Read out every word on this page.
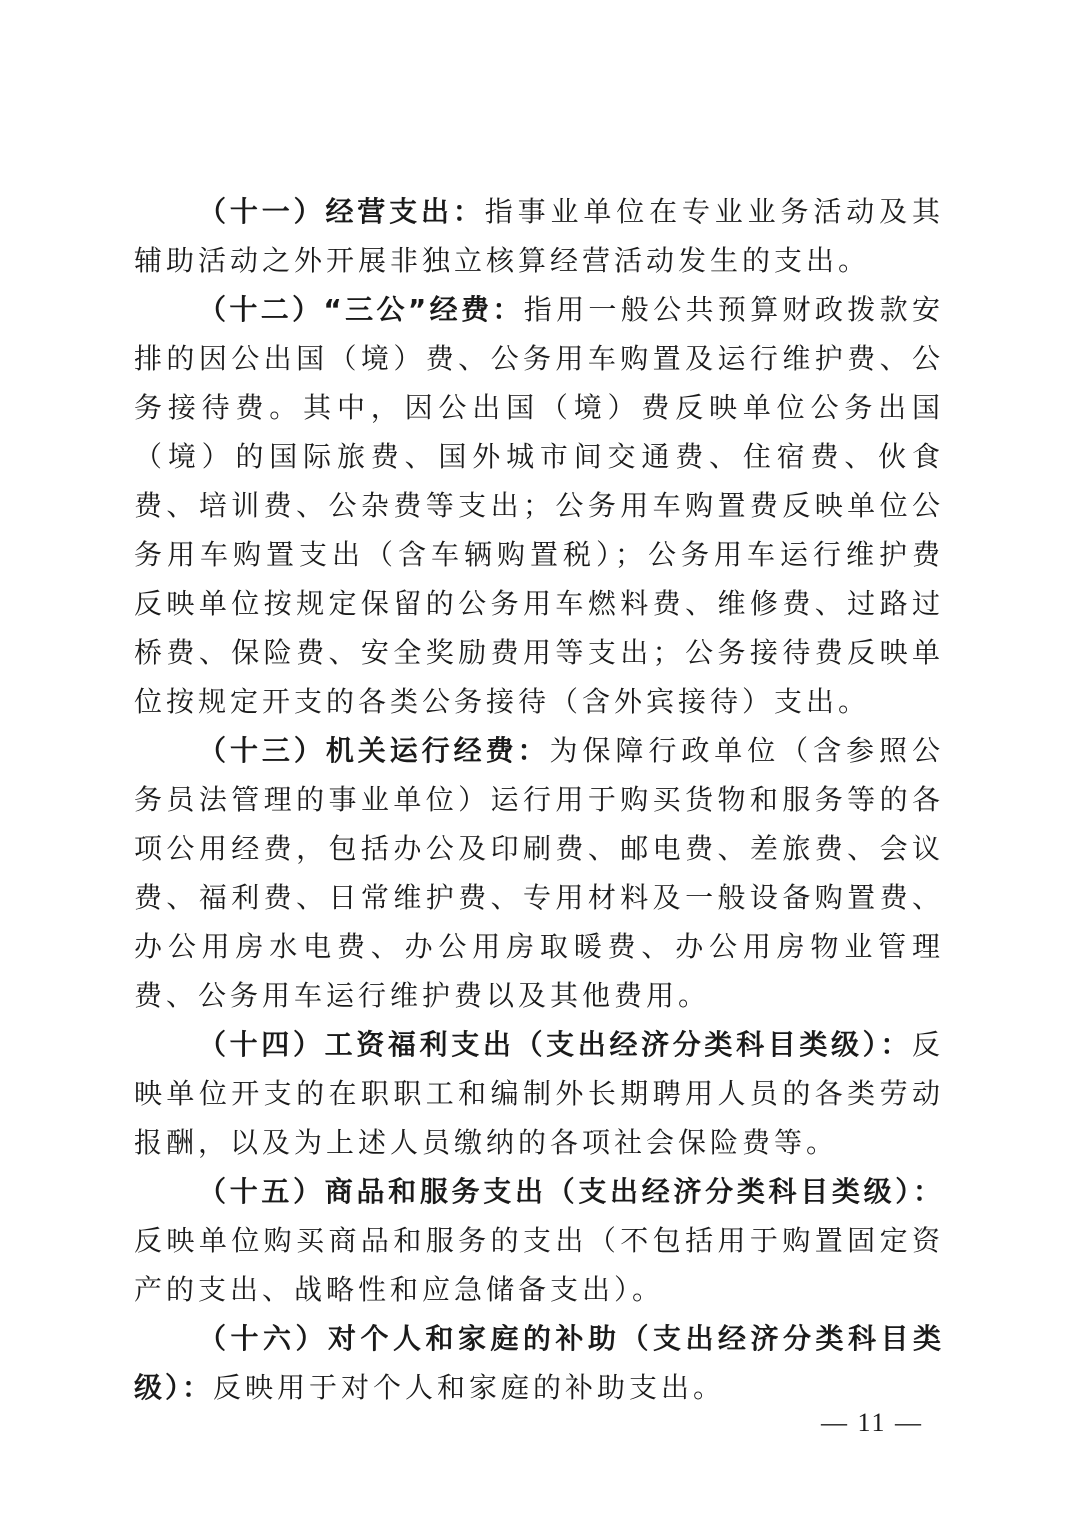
（十一）经营支出：指事业单位在专业业务活动及其辅助活动之外开展非独立核算经营活动发生的支出。

（十二）“三公”经费：指用一般公共预算财政拨款安排的因公出国（境）费、公务用车购置及运行维护费、公务接待费。其中，因公出国（境）费反映单位公务出国（境）的国际旅费、国外城市间交通费、住宿费、伙食费、培训费、公杂费等支出；公务用车购置费反映单位公务用车购置支出（含车辆购置税）；公务用车运行维护费反映单位按规定保留的公务用车燃料费、维修费、过路过桥费、保险费、安全奖励费用等支出；公务接待费反映单位按规定开支的各类公务接待（含外宾接待）支出。

（十三）机关运行经费：为保障行政单位（含参照公务员法管理的事业单位）运行用于购买货物和服务等的各项公用经费，包括办公及印刷费、邮电费、差旅费、会议费、福利费、日常维护费、专用材料及一般设备购置费、办公用房水电费、办公用房取暖费、办公用房物业管理费、公务用车运行维护费以及其他费用。

（十四）工资福利支出（支出经济分类科目类级）：反映单位开支的在职职工和编制外长期聘用人员的各类劳动报酬，以及为上述人员缴纳的各项社会保险费等。

（十五）商品和服务支出（支出经济分类科目类级）：反映单位购买商品和服务的支出（不包括用于购置固定资产的支出、战略性和应急储备支出）。

（十六）对个人和家庭的补助（支出经济分类科目类级）：反映用于对个人和家庭的补助支出。

— 11 —
